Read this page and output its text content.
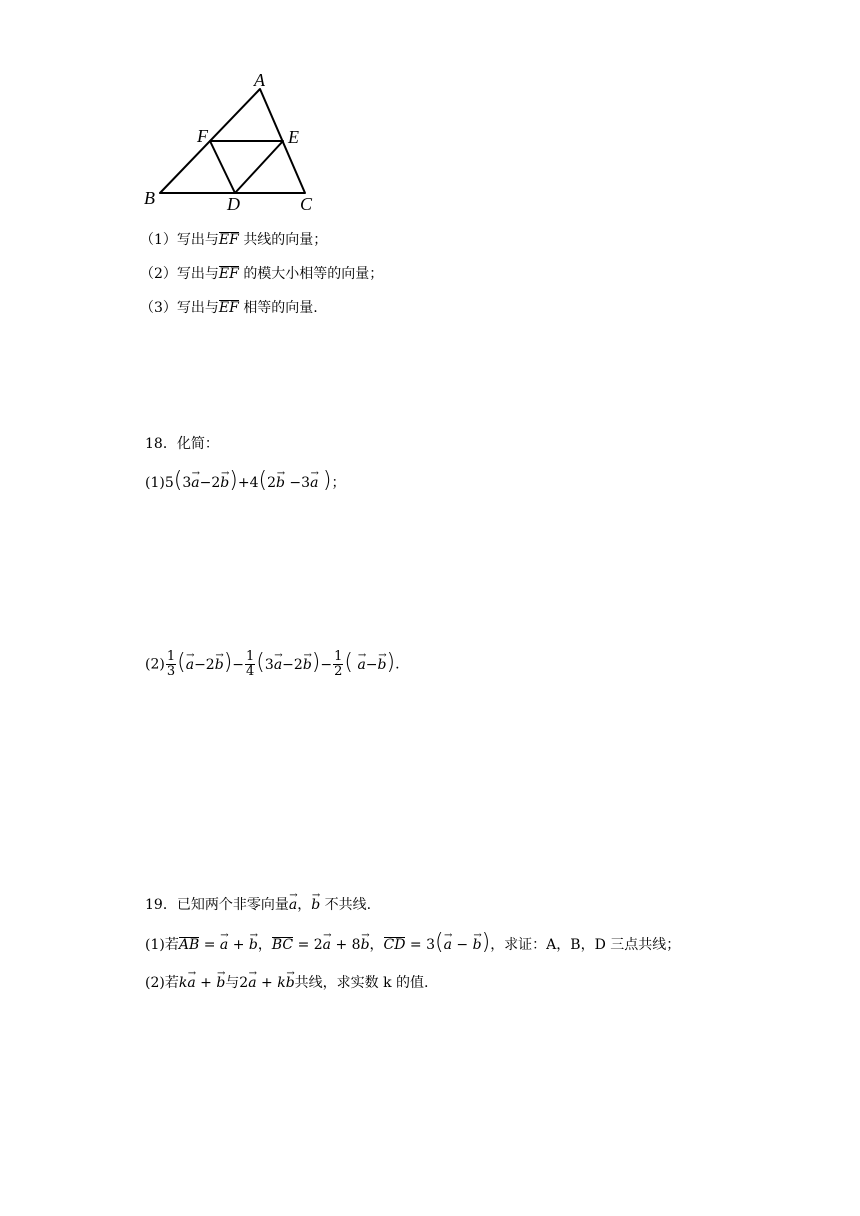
A
F	E
B	D	C
（1）写出与EF 共线的向量；
（2）写出与EF 的模大小相等的向量；
（3）写出与EF 相等的向量.
18．化简：
(1)5(3→ a−2→ b)+4(2→ b −3→ a )；
$(2) \frac{1}{3}$ (→ $a-2\to b)- \frac{1}{4} (3\to a-2\to b)- \frac{1}{2}$ ( → a−→ b).
19．已知两个非零向量→ a，→ b 不共线.
(1)若AB = → a + → b，BC = 2→ a + 8→ b，CD = 3(→ a − → b)，求证：A，B，D 三点共线；
(2)若k→ a + → b与2→ a + k→ b共线，求实数 k 的值.
